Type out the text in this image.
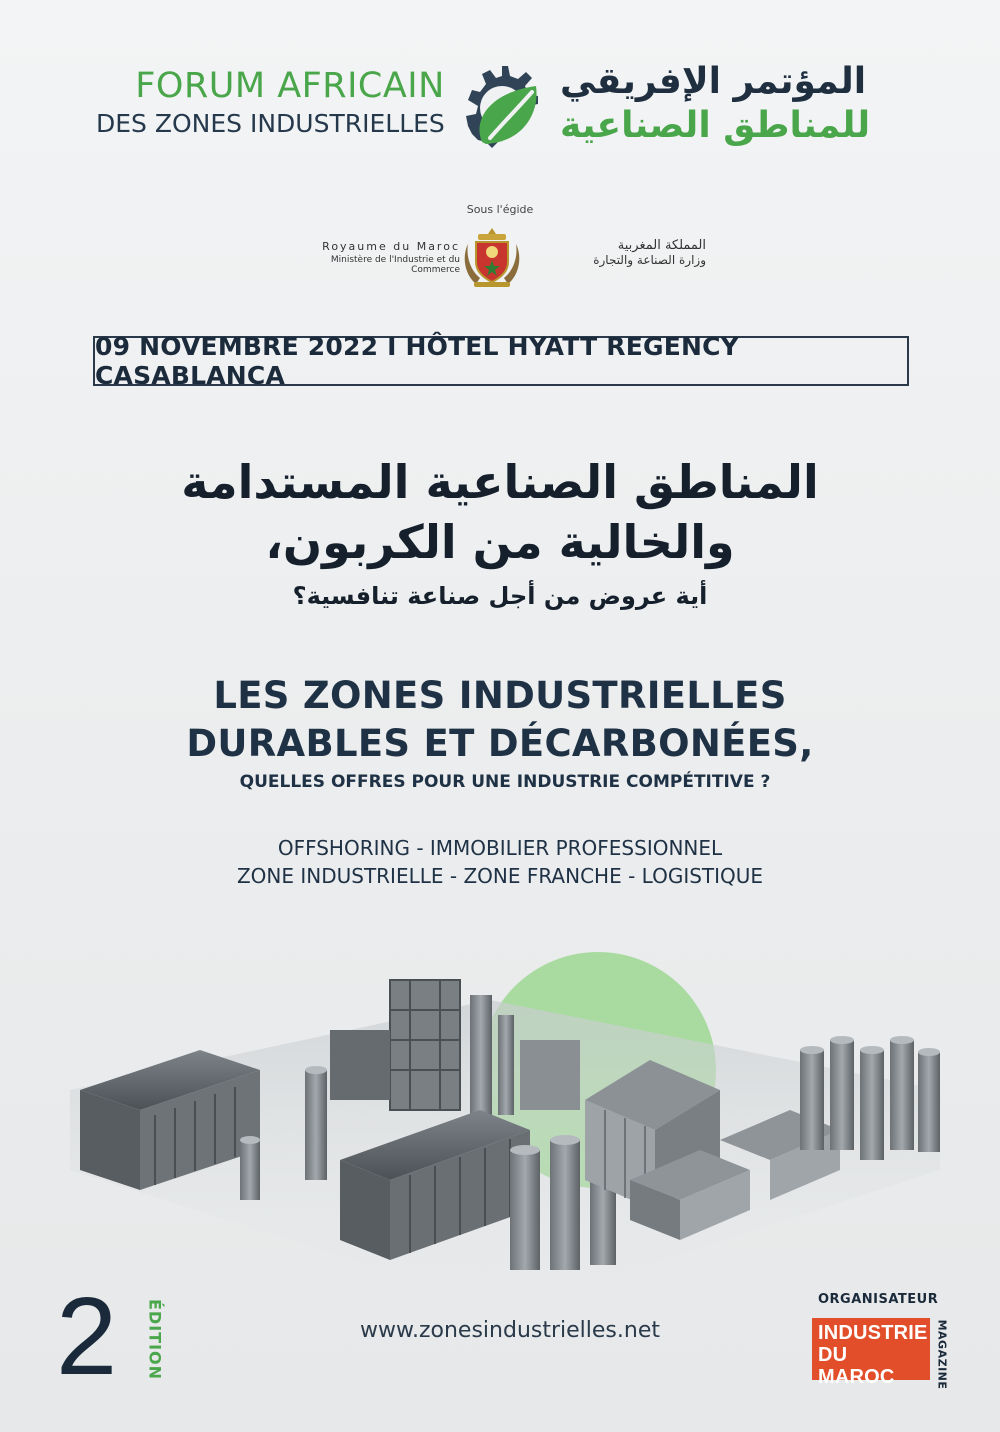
FORUM AFRICAIN
DES ZONES INDUSTRIELLES
المؤتمر الإفريقي
للمناطق الصناعية
Sous l'égide
Royaume du Maroc
Ministère de l'Industrie et du Commerce
المملكة المغربية
وزارة الصناعة والتجارة
09 NOVEMBRE 2022 I HÔTEL HYATT REGENCY CASABLANCA
المناطق الصناعية المستدامة
والخالية من الكربون،
أية عروض من أجل صناعة تنافسية؟
LES ZONES INDUSTRIELLES
DURABLES ET DÉCARBONÉES,
QUELLES OFFRES POUR UNE INDUSTRIE COMPÉTITIVE ?
OFFSHORING - IMMOBILIER PROFESSIONNEL
ZONE INDUSTRIELLE - ZONE FRANCHE - LOGISTIQUE
2 ÉDITION	www.zonesindustrielles.net
ORGANISATEUR
INDUSTRIE
DU MAROC	MAGAZINE
